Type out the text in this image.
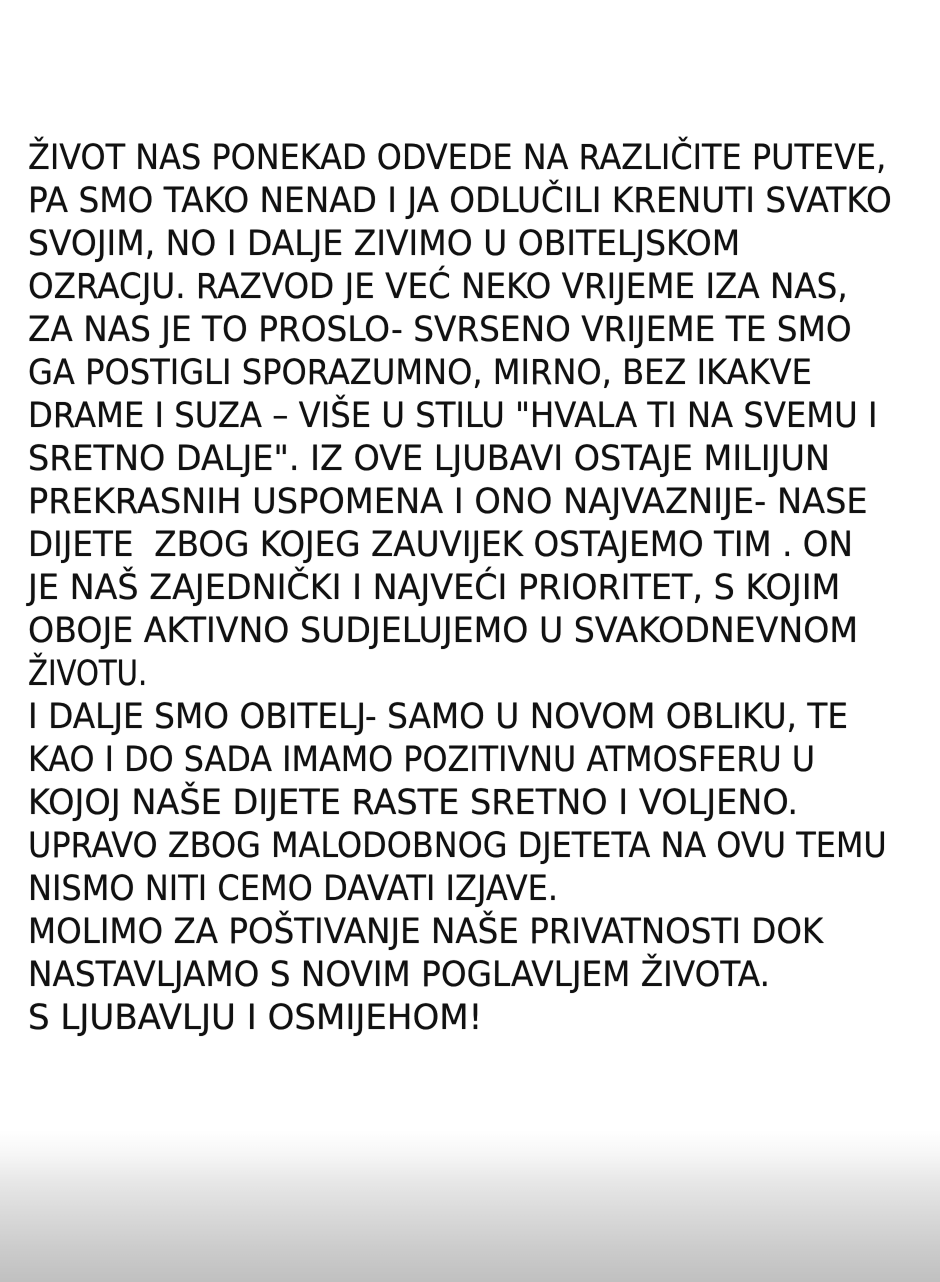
ŽIVOT NAS PONEKAD ODVEDE NA RAZLIČITE PUTEVE,
PA SMO TAKO NENAD I JA ODLUČILI KRENUTI SVATKO
SVOJIM, NO I DALJE ZIVIMO U OBITELJSKOM
OZRACJU. RAZVOD JE VEĆ NEKO VRIJEME IZA NAS,
ZA NAS JE TO PROSLO- SVRSENO VRIJEME TE SMO
GA POSTIGLI SPORAZUMNO, MIRNO, BEZ IKAKVE
DRAME I SUZA – VIŠE U STILU "HVALA TI NA SVEMU I
SRETNO DALJE". IZ OVE LJUBAVI OSTAJE MILIJUN
PREKRASNIH USPOMENA I ONO NAJVAZNIJE- NASE
DIJETE  ZBOG KOJEG ZAUVIJEK OSTAJEMO TIM . ON
JE NAŠ ZAJEDNIČKI I NAJVEĆI PRIORITET, S KOJIM
OBOJE AKTIVNO SUDJELUJEMO U SVAKODNEVNOM
ŽIVOTU.
I DALJE SMO OBITELJ- SAMO U NOVOM OBLIKU, TE
KAO I DO SADA IMAMO POZITIVNU ATMOSFERU U
KOJOJ NAŠE DIJETE RASTE SRETNO I VOLJENO.
UPRAVO ZBOG MALODOBNOG DJETETA NA OVU TEMU
NISMO NITI CEMO DAVATI IZJAVE.
MOLIMO ZA POŠTIVANJE NAŠE PRIVATNOSTI DOK
NASTAVLJAMO S NOVIM POGLAVLJEM ŽIVOTA.
S LJUBAVLJU I OSMIJEHOM!
